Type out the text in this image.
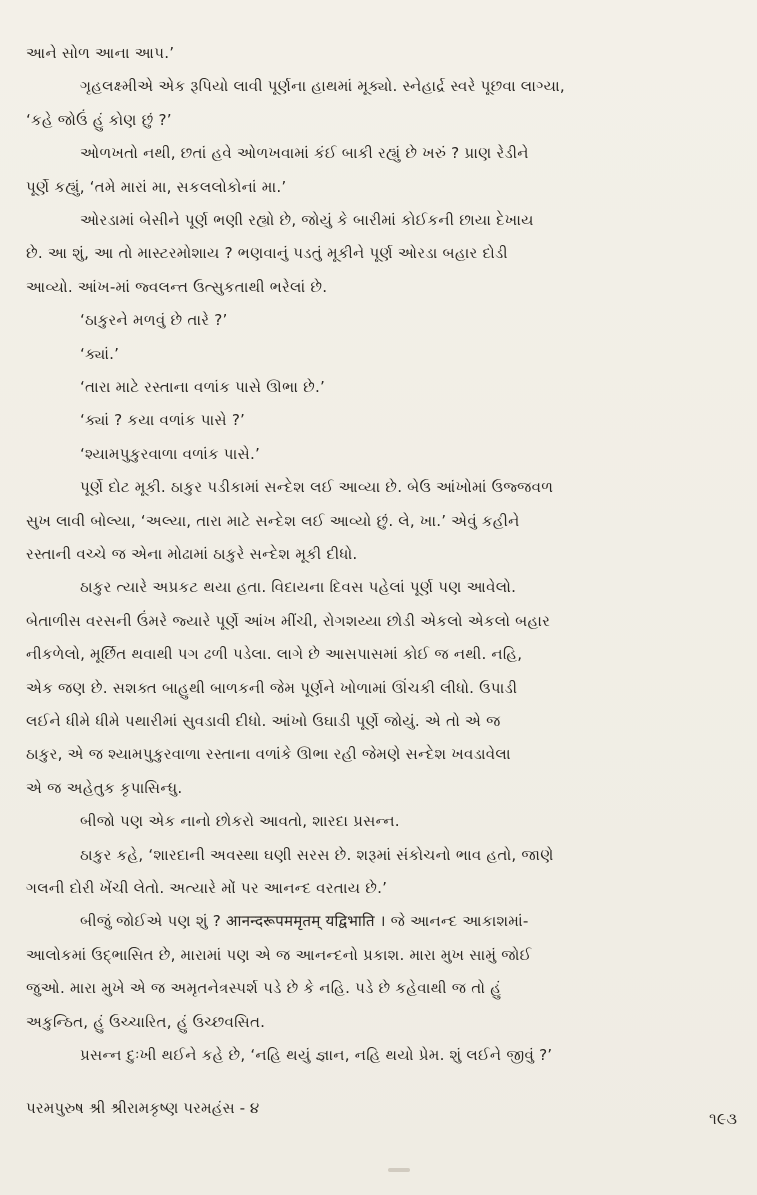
આને સોળ આના આપ.’
ગૃહલક્ષ્મીએ એક રૂપિયો લાવી પૂર્ણના હાથમાં મૂક્યો. સ્નેહાર્દ્ર સ્વરે પૂછવા લાગ્યા,
‘કહે જોઉં હું કોણ છું ?’
ઓળખતો નથી, છતાં હવે ઓળખવામાં કંઈ બાકી રહ્યું છે ખરું ? પ્રાણ રેડીને
પૂર્ણે કહ્યું, ‘તમે મારાં મા, સકલલોકોનાં મા.’
ઓરડામાં બેસીને પૂર્ણ ભણી રહ્યો છે, જોયું કે બારીમાં કોઈકની છાયા દેખાય
છે. આ શું, આ તો માસ્ટરમોશાય ? ભણવાનું પડતું મૂકીને પૂર્ણ ઓરડા બહાર દોડી
આવ્યો. આંખ-માં જ્વલન્ત ઉત્સુકતાથી ભરેલાં છે.
‘ઠાકુરને મળવું છે તારે ?’
‘ક્યાં.’
‘તારા માટે રસ્તાના વળાંક પાસે ઊભા છે.’
‘ક્યાં ? કયા વળાંક પાસે ?’
‘શ્યામપુકુરવાળા વળાંક પાસે.’
પૂર્ણે દોટ મૂકી. ઠાકુર પડીકામાં સન્દેશ લઈ આવ્યા છે. બેઉ આંખોમાં ઉજ્જવળ
સુખ લાવી બોલ્યા, ‘અલ્યા, તારા માટે સન્દેશ લઈ આવ્યો છું. લે, ખા.’ એવું કહીને
રસ્તાની વચ્ચે જ એના મોઢામાં ઠાકુરે સન્દેશ મૂકી દીધો.
ઠાકુર ત્યારે અપ્રકટ થયા હતા. વિદાયના દિવસ પહેલાં પૂર્ણ પણ આવેલો.
બેતાળીસ વરસની ઉંમરે જ્યારે પૂર્ણે આંખ મીંચી, રોગશય્યા છોડી એકલો એકલો બહાર
નીકળેલો, મૂર્છિત થવાથી પગ ઢળી પડેલા. લાગે છે આસપાસમાં કોઈ જ નથી. નહિ,
એક જણ છે. સશક્ત બાહુથી બાળકની જેમ પૂર્ણને ખોળામાં ઊંચકી લીધો. ઉપાડી
લઈને ધીમે ધીમે પથારીમાં સુવડાવી દીધો. આંખો ઉઘાડી પૂર્ણે જોયું. એ તો એ જ
ઠાકુર, એ જ શ્યામપુકુરવાળા રસ્તાના વળાંકે ઊભા રહી જેમણે સન્દેશ ખવડાવેલા
એ જ અહેતુક કૃપાસિન્ધુ.
બીજો પણ એક નાનો છોકરો આવતો, શારદા પ્રસન્ન.
ઠાકુર કહે, ‘શારદાની અવસ્થા ઘણી સરસ છે. શરૂમાં સંકોચનો ભાવ હતો, જાણે
ગલની દોરી ખેંચી લેતો. અત્યારે મોં પર આનન્દ વરતાય છે.’
બીજું જોઈએ પણ શું ? आनन्दरूपममृतम् यद्विभाति । જે આનન્દ આકાશમાં-
આલોકમાં ઉદ્ભાસિત છે, મારામાં પણ એ જ આનન્દનો પ્રકાશ. મારા મુખ સામું જોઈ
જુઓ. મારા મુખે એ જ અમૃતનેત્રસ્પર્શ પડે છે કે નહિ. પડે છે કહેવાથી જ તો હું
અકુન્ઠિત, હું ઉચ્ચારિત, હું ઉચ્છવસિત.
પ્રસન્ન દુઃખી થઈને કહે છે, ‘નહિ થયું જ્ઞાન, નહિ થયો પ્રેમ. શું લઈને જીવું ?’
પરમપુરુષ શ્રી શ્રીરામકૃષ્ણ પરમહંસ - ૪
૧૯૩
